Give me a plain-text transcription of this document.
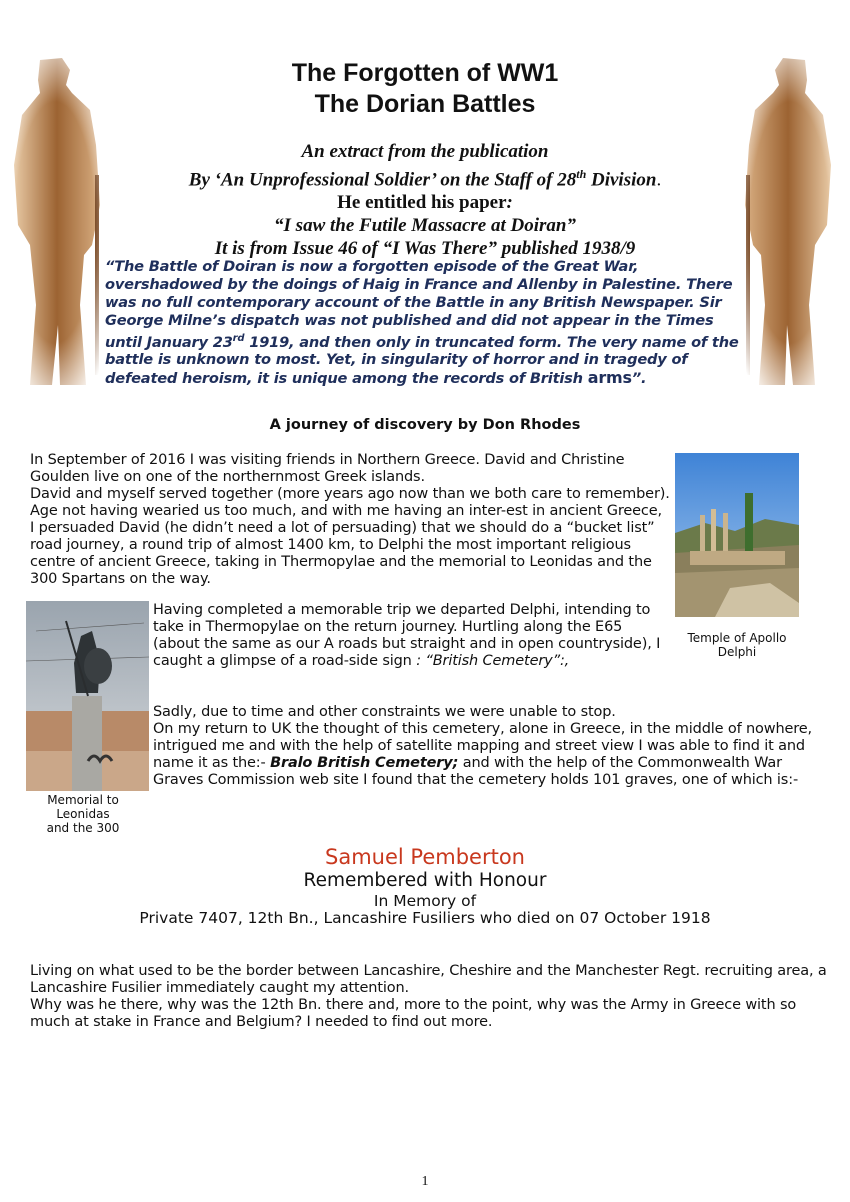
The Forgotten of WW1
The Dorian Battles
An extract from the publication
By ‘An Unprofessional Soldier’ on the Staff of 28th Division.
He entitled his paper:
“I saw the Futile Massacre at Doiran”
It is from Issue 46 of “I Was There” published 1938/9
“The Battle of Doiran is now a forgotten episode of the Great War, overshadowed by the doings of Haig in France and Allenby in Palestine. There was no full contemporary account of the Battle in any British Newspaper. Sir George Milne’s dispatch was not published and did not appear in the Times until January 23rd 1919, and then only in truncated form. The very name of the battle is unknown to most. Yet, in singularity of horror and in tragedy of defeated heroism, it is unique among the records of British arms”.
A journey of discovery by Don Rhodes
In September of 2016 I was visiting friends in Northern Greece. David and Christine Goulden live on one of the northernmost Greek islands.
David and myself served together (more years ago now than we both care to remember). Age not having wearied us too much, and with me having an inter-est in ancient Greece, I persuaded David (he didn’t need a lot of persuading) that we should do a “bucket list” road journey, a round trip of almost 1400 km, to Delphi the most important religious centre of ancient Greece, taking in Thermopylae and the memorial to Leonidas and the 300 Spartans on the way.
Temple of Apollo
Delphi
Memorial to
Leonidas
and the 300
Having completed a memorable trip we departed Delphi, intending to take in Thermopylae on the return journey. Hurtling along the E65 (about the same as our A roads but straight and in open countryside), I caught a glimpse of a road-side sign : “British Cemetery”:,
Sadly, due to time and other constraints we were unable to stop.
On my return to UK the thought of this cemetery, alone in Greece, in the middle of nowhere, intrigued me and with the help of satellite mapping and street view I was able to find it and name it as the:- Bralo British Cemetery; and with the help of the Commonwealth War Graves Commission web site I found that the cemetery holds 101 graves, one of which is:-
Samuel Pemberton
Remembered with Honour
In Memory of
Private 7407, 12th Bn., Lancashire Fusiliers who died on 07 October 1918
Living on what used to be the border between Lancashire, Cheshire and the Manchester Regt. recruiting area, a Lancashire Fusilier immediately caught my attention.
Why was he there, why was the 12th Bn. there and, more to the point, why was the Army in Greece with so much at stake in France and Belgium? I needed to find out more.
1
